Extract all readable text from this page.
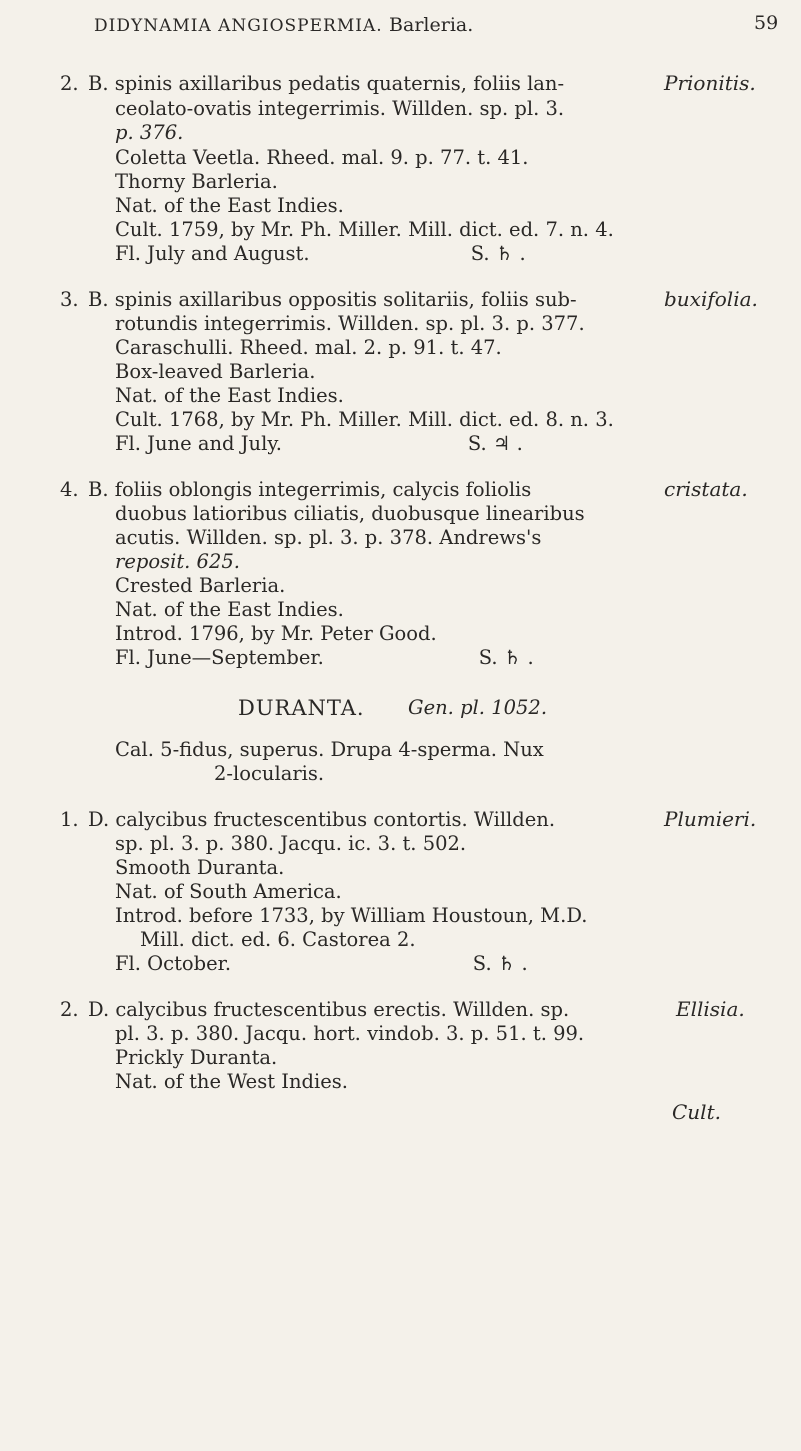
DIDYNAMIA ANGIOSPERMIA. Barleria.	59
2. B. spinis axillaribus pedatis quaternis, foliis lan-	Prionitis.
ceolato-ovatis integerrimis. Willden. sp. pl. 3.
p. 376.
Coletta Veetla. Rheed. mal. 9. p. 77. t. 41.
Thorny Barleria.
Nat. of the East Indies.
Cult. 1759, by Mr. Ph. Miller. Mill. dict. ed. 7. n. 4.
Fl. July and August.                          S. ♄ .
3. B. spinis axillaribus oppositis solitariis, foliis sub-	buxifolia.
rotundis integerrimis. Willden. sp. pl. 3. p. 377.
Caraschulli. Rheed. mal. 2. p. 91. t. 47.
Box-leaved Barleria.
Nat. of the East Indies.
Cult. 1768, by Mr. Ph. Miller. Mill. dict. ed. 8. n. 3.
Fl. June and July.                              S. ♃ .
4. B. foliis oblongis integerrimis, calycis foliolis	cristata.
duobus latioribus ciliatis, duobusque linearibus
acutis. Willden. sp. pl. 3. p. 378. Andrews's
reposit. 625.
Crested Barleria.
Nat. of the East Indies.
Introd. 1796, by Mr. Peter Good.
Fl. June—September.                         S. ♄ .
DURANTA. Gen. pl. 1052.
Cal. 5-fidus, superus. Drupa 4-sperma. Nux
2-locularis.
1. D. calycibus fructescentibus contortis. Willden.	Plumieri.
sp. pl. 3. p. 380. Jacqu. ic. 3. t. 502.
Smooth Duranta.
Nat. of South America.
Introd. before 1733, by William Houstoun, M.D.
Mill. dict. ed. 6. Castorea 2.
Fl. October.                                       S. ♄ .
2. D. calycibus fructescentibus erectis. Willden. sp.	Ellisia.
pl. 3. p. 380. Jacqu. hort. vindob. 3. p. 51. t. 99.
Prickly Duranta.
Nat. of the West Indies.
Cult.
